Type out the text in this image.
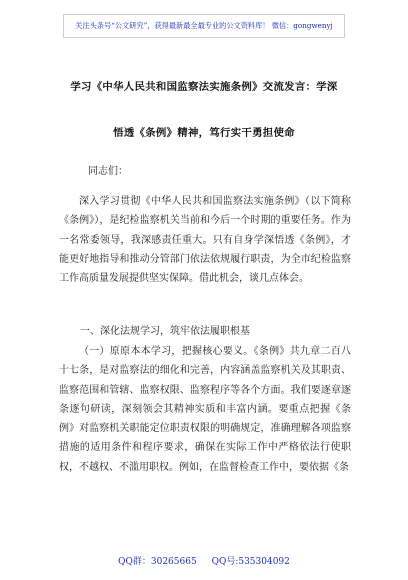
关注头条号“公文研究”，获得最新最全最专业的公文资料库！ 微信：gongwenyj
学习《中华人民共和国监察法实施条例》交流发言：学深
悟透《条例》精神，笃行实干勇担使命
同志们：

深入学习贯彻《中华人民共和国监察法实施条例》（以下简称《条例》），是纪检监察机关当前和今后一个时期的重要任务。作为一名常委领导，我深感责任重大。只有自身学深悟透《条例》，才能更好地指导和推动分管部门依法依规履行职责，为全市纪检监察工作高质量发展提供坚实保障。借此机会，谈几点体会。

一、深化法规学习，筑牢依法履职根基

（一）原原本本学习，把握核心要义。《条例》共九章二百八十七条，是对监察法的细化和完善，内容涵盖监察机关及其职责、监察范围和管辖、监察权限、监察程序等各个方面。我们要逐章逐条逐句研读，深刻领会其精神实质和丰富内涵。要重点把握《条例》对监察机关职能定位职责权限的明确规定，准确理解各项监察措施的适用条件和程序要求，确保在实际工作中严格依法行使职权，不越权、不滥用职权。例如，在监督检查工作中，要依据《条

QQ群：30265665 QQ号:535304092
